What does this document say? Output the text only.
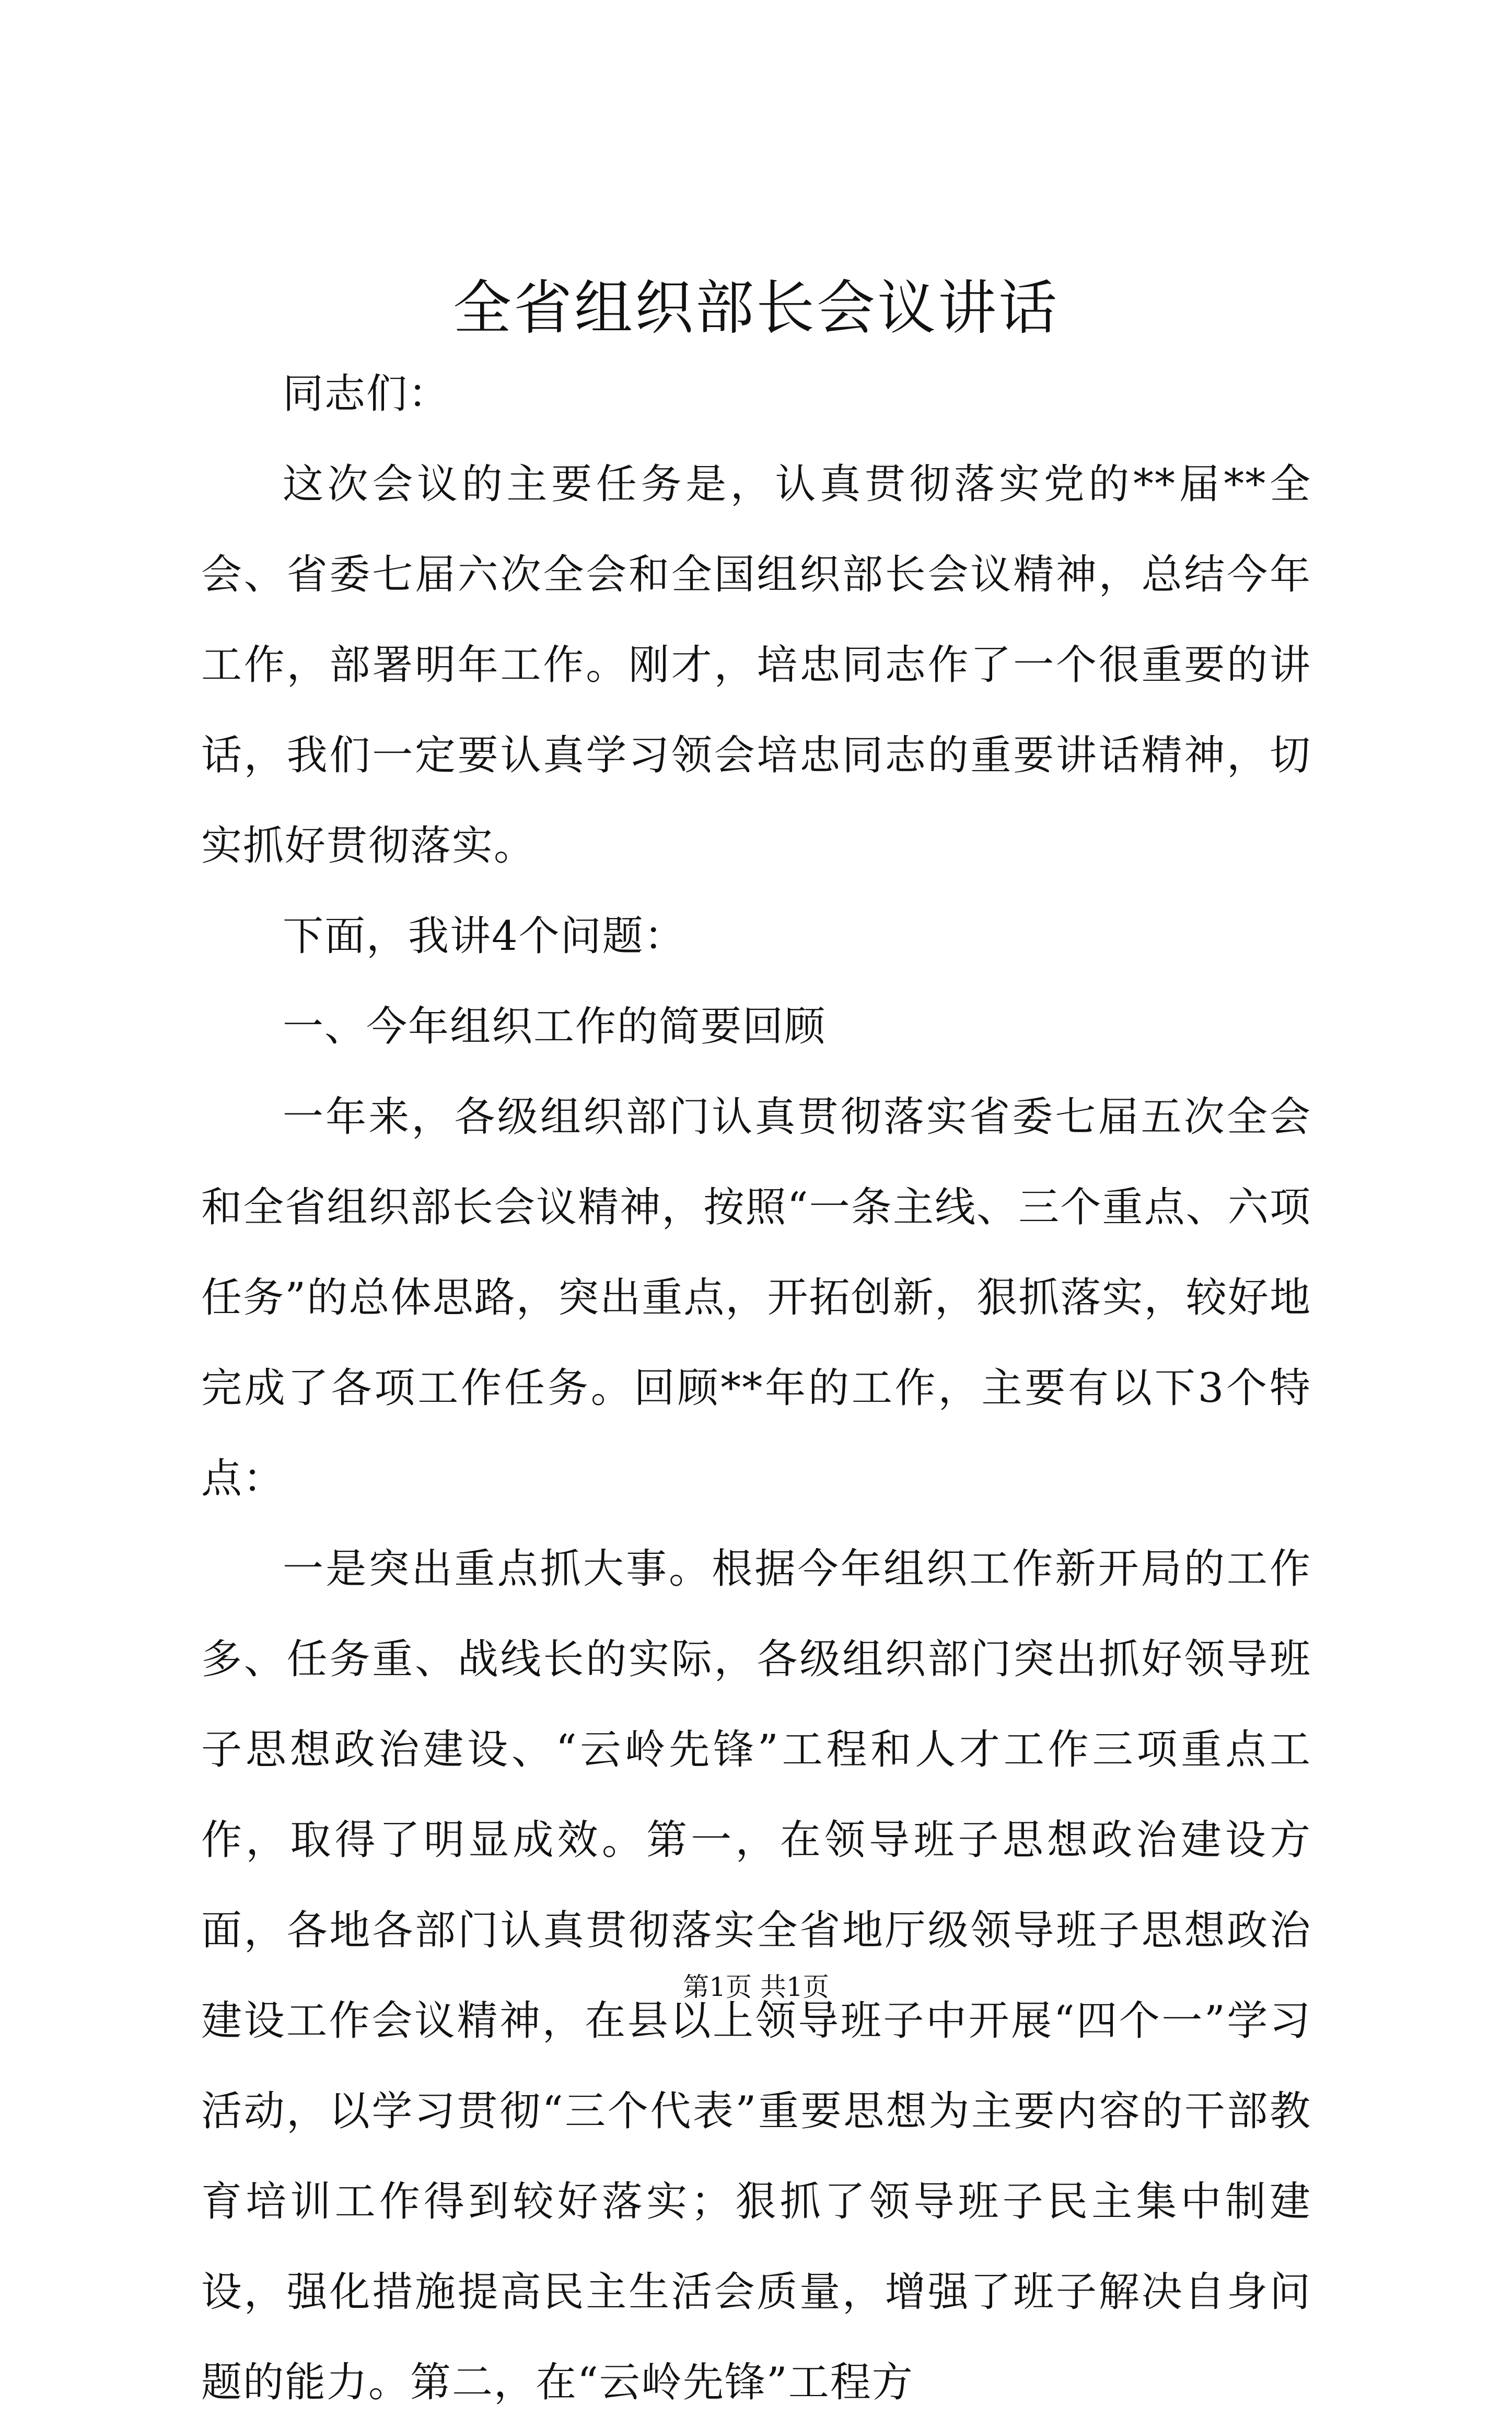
全省组织部长会议讲话

同志们：

这次会议的主要任务是，认真贯彻落实党的**届**全会、省委七届六次全会和全国组织部长会议精神，总结今年工作，部署明年工作。刚才，培忠同志作了一个很重要的讲话，我们一定要认真学习领会培忠同志的重要讲话精神，切实抓好贯彻落实。

下面，我讲4个问题：

一、今年组织工作的简要回顾

一年来，各级组织部门认真贯彻落实省委七届五次全会和全省组织部长会议精神，按照“一条主线、三个重点、六项任务”的总体思路，突出重点，开拓创新，狠抓落实，较好地完成了各项工作任务。回顾**年的工作，主要有以下3个特点：

一是突出重点抓大事。根据今年组织工作新开局的工作多、任务重、战线长的实际，各级组织部门突出抓好领导班子思想政治建设、“云岭先锋”工程和人才工作三项重点工作，取得了明显成效。第一，在领导班子思想政治建设方面，各地各部门认真贯彻落实全省地厅级领导班子思想政治建设工作会议精神，在县以上领导班子中开展“四个一”学习活动，以学习贯彻“三个代表”重要思想为主要内容的干部教育培训工作得到较好落实；狠抓了领导班子民主集中制建设，强化措施提高民主生活会质量，增强了班子解决自身问题的能力。第二，在“云岭先锋”工程方

第1页 共1页
